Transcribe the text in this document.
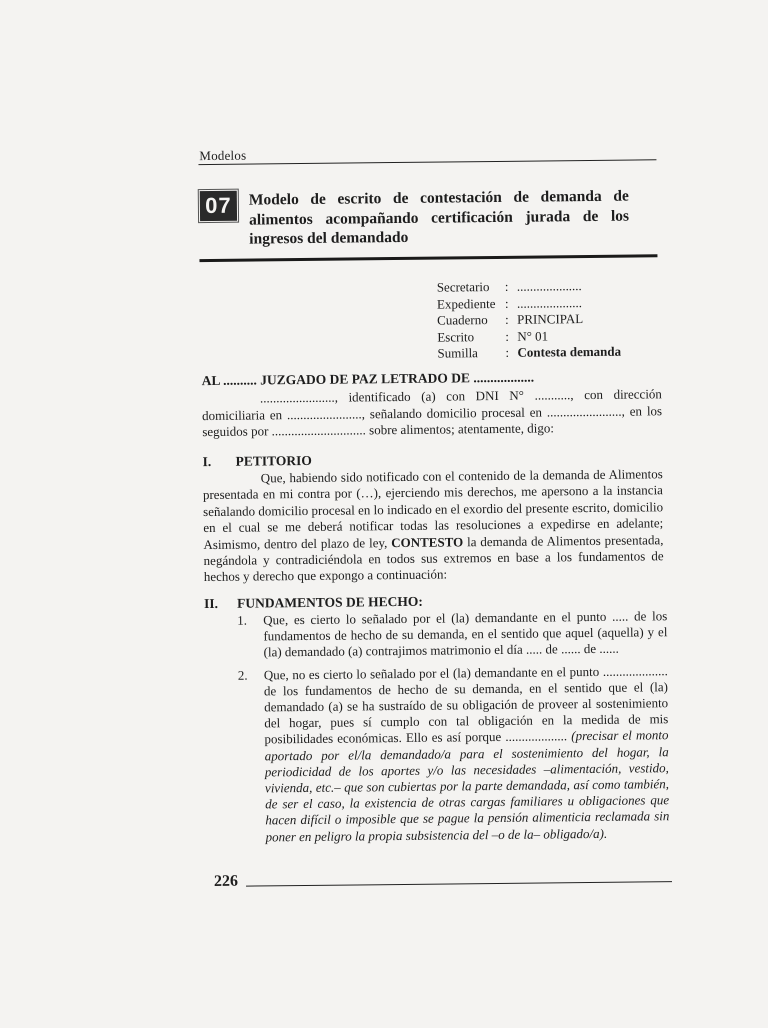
Modelos
07	Modelo de escrito de contestación de demanda de alimentos acompañando certificación jurada de los ingresos del demandado
Secretario	:	....................
Expediente	:	....................
Cuaderno	:	PRINCIPAL
Escrito	:	N° 01
Sumilla	:	Contesta demanda
AL .......... JUZGADO DE PAZ LETRADO DE ..................

......................., identificado (a) con DNI N° ..........., con dirección domiciliaria en ......................., señalando domicilio procesal en ......................., en los seguidos por ............................. sobre alimentos; atentamente, digo:

I. PETITORIO

Que, habiendo sido notificado con el contenido de la demanda de Alimentos presentada en mi contra por (…), ejerciendo mis derechos, me apersono a la instancia señalando domicilio procesal en lo indicado en el exordio del presente escrito, domicilio en el cual se me deberá notificar todas las resoluciones a expedirse en adelante; Asimismo, dentro del plazo de ley, CONTESTO la demanda de Alimentos presentada, negándola y contradiciéndola en todos sus extremos en base a los fundamentos de hechos y derecho que expongo a continuación:

II. FUNDAMENTOS DE HECHO:
1. Que, es cierto lo señalado por el (la) demandante en el punto ..... de los fundamentos de hecho de su demanda, en el sentido que aquel (aquella) y el (la) demandado (a) contrajimos matrimonio el día ..... de ...... de ......
2. Que, no es cierto lo señalado por el (la) demandante en el punto .................... de los fundamentos de hecho de su demanda, en el sentido que el (la) demandado (a) se ha sustraído de su obligación de proveer al sostenimiento del hogar, pues sí cumplo con tal obligación en la medida de mis posibilidades económicas. Ello es así porque ................... (precisar el monto aportado por el/la demandado/a para el sostenimiento del hogar, la periodicidad de los aportes y/o las necesidades –alimentación, vestido, vivienda, etc.– que son cubiertas por la parte demandada, así como también, de ser el caso, la existencia de otras cargas familiares u obligaciones que hacen difícil o imposible que se pague la pensión alimenticia reclamada sin poner en peligro la propia subsistencia del –o de la– obligado/a).
226
